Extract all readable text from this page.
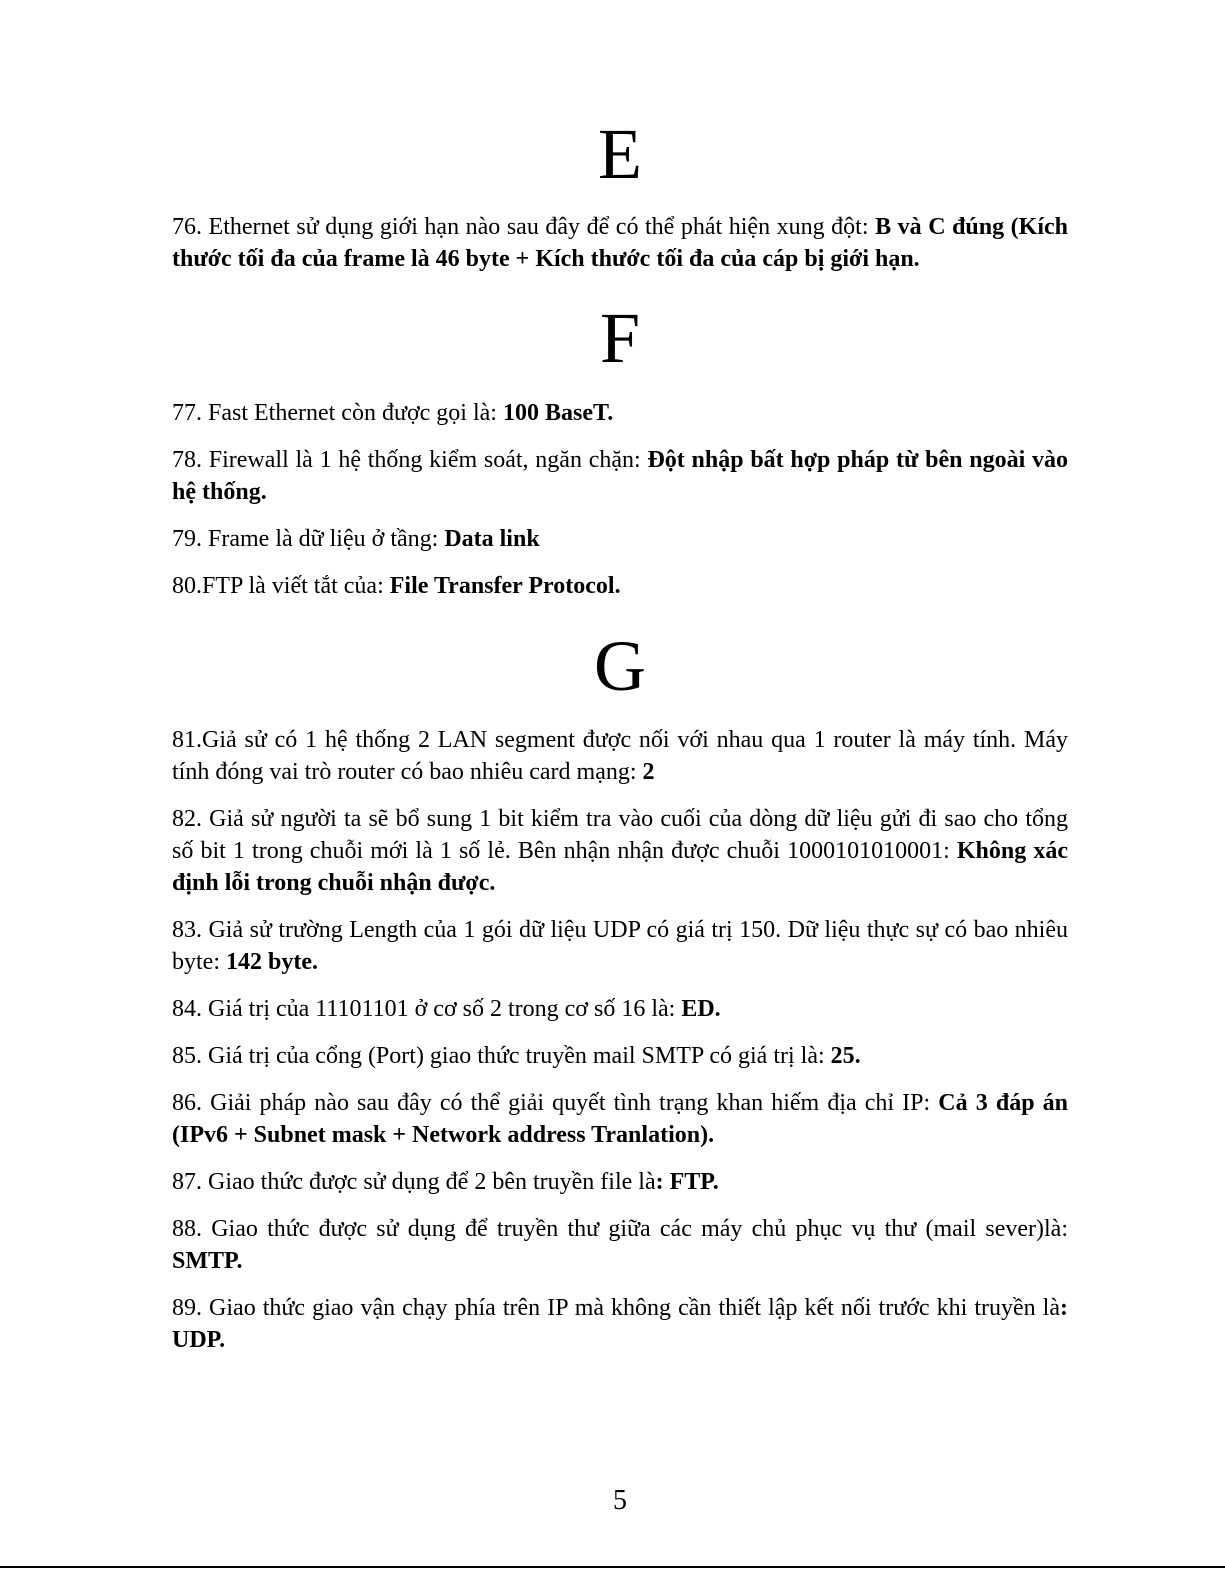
E

76. Ethernet sử dụng giới hạn nào sau đây để có thể phát hiện xung đột: B và C đúng (Kích thước tối đa của frame là 46 byte + Kích thước tối đa của cáp bị giới hạn.

F

77. Fast Ethernet còn được gọi là: 100 BaseT.

78. Firewall là 1 hệ thống kiểm soát, ngăn chặn: Đột nhập bất hợp pháp từ bên ngoài vào hệ thống.

79. Frame là dữ liệu ở tầng: Data link

80.FTP là viết tắt của: File Transfer Protocol.

G

81.Giả sử có 1 hệ thống 2 LAN segment được nối với nhau qua 1 router là máy tính. Máy tính đóng vai trò router có bao nhiêu card mạng: 2

82. Giả sử người ta sẽ bổ sung 1 bit kiểm tra vào cuối của dòng dữ liệu gửi đi sao cho tổng số bit 1 trong chuỗi mới là 1 số lẻ. Bên nhận nhận được chuỗi 1000101010001: Không xác định lỗi trong chuỗi nhận được.

83. Giả sử trường Length của 1 gói dữ liệu UDP có giá trị 150. Dữ liệu thực sự có bao nhiêu byte: 142 byte.

84. Giá trị của 11101101 ở cơ số 2 trong cơ số 16 là: ED.

85. Giá trị của cổng (Port) giao thức truyền mail SMTP có giá trị là: 25.

86. Giải pháp nào sau đây có thể giải quyết tình trạng khan hiếm địa chỉ IP: Cả 3 đáp án (IPv6 + Subnet mask + Network address Tranlation).

87. Giao thức được sử dụng để 2 bên truyền file là: FTP.

88. Giao thức được sử dụng để truyền thư giữa các máy chủ phục vụ thư (mail sever)là: SMTP.

89. Giao thức giao vận chạy phía trên IP mà không cần thiết lập kết nối trước khi truyền là: UDP.

5
